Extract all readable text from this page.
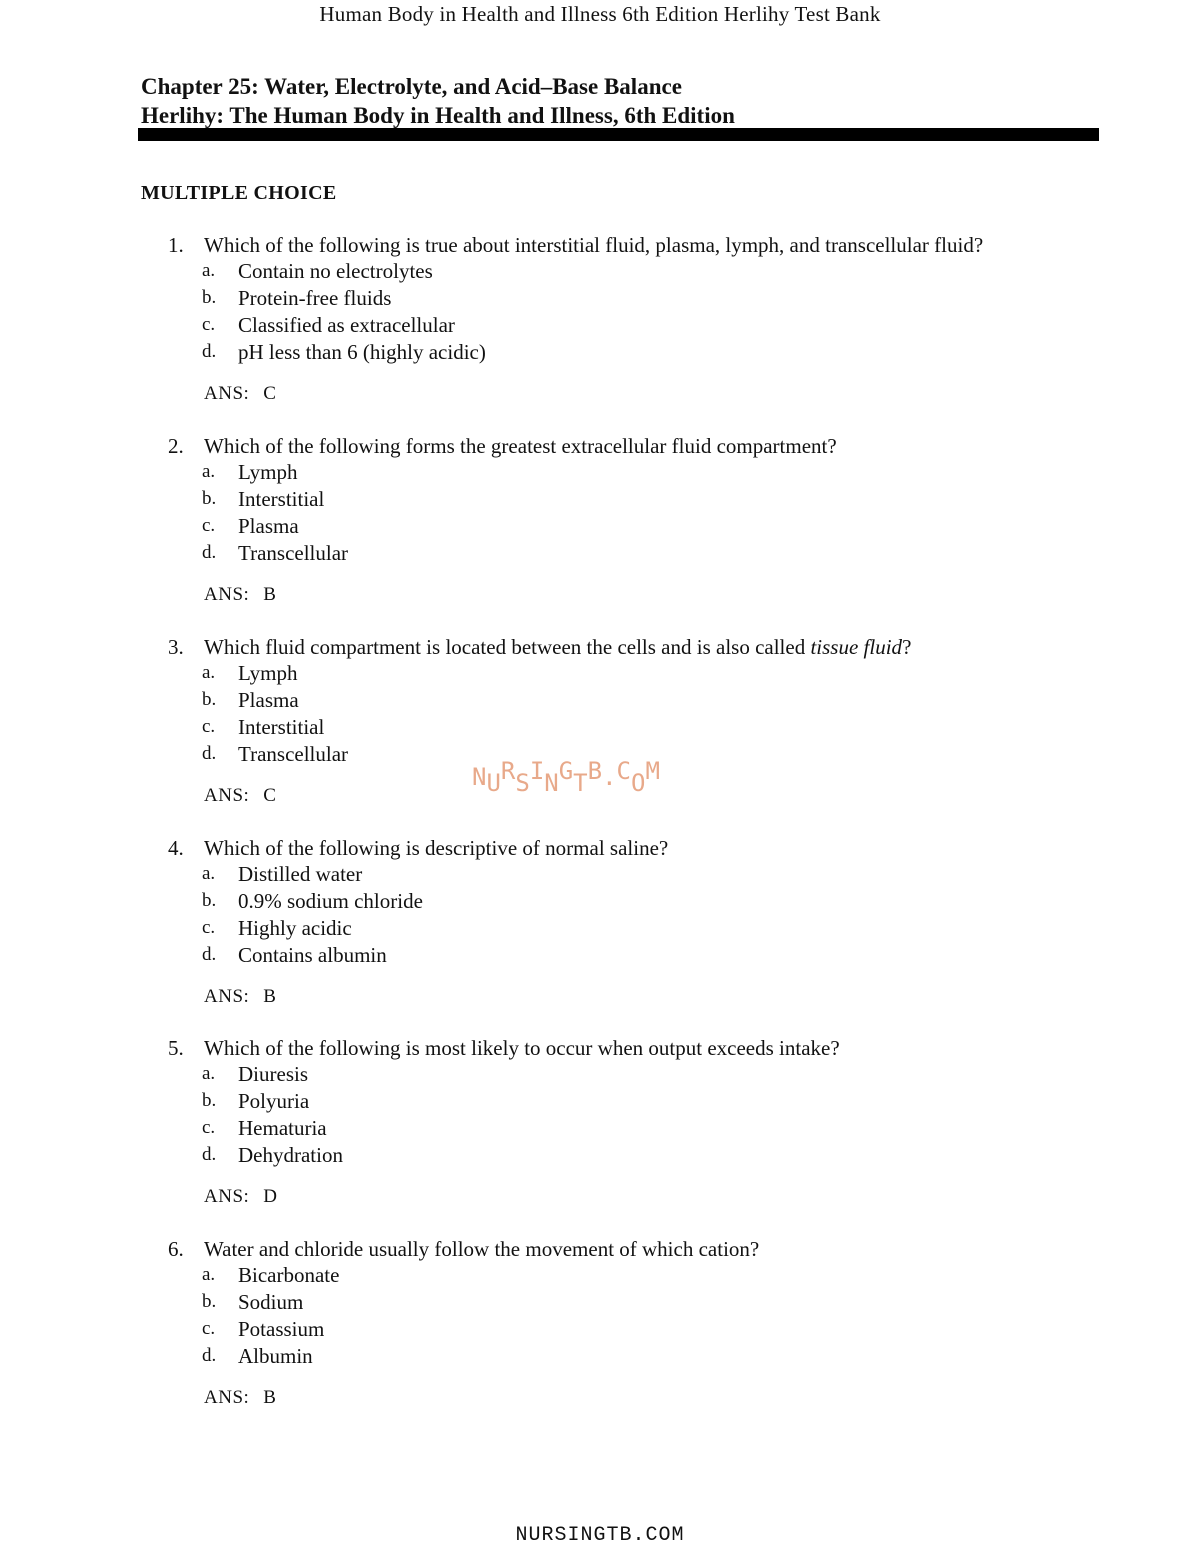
Human Body in Health and Illness 6th Edition Herlihy Test Bank
Chapter 25: Water, Electrolyte, and Acid–Base Balance
Herlihy: The Human Body in Health and Illness, 6th Edition
MULTIPLE CHOICE
1. Which of the following is true about interstitial fluid, plasma, lymph, and transcellular fluid?
a. Contain no electrolytes
b. Protein-free fluids
c. Classified as extracellular
d. pH less than 6 (highly acidic)
ANS: C
2. Which of the following forms the greatest extracellular fluid compartment?
a. Lymph
b. Interstitial
c. Plasma
d. Transcellular
ANS: B
3. Which fluid compartment is located between the cells and is also called tissue fluid?
a. Lymph
b. Plasma
c. Interstitial
d. Transcellular
ANS: C
4. Which of the following is descriptive of normal saline?
a. Distilled water
b. 0.9% sodium chloride
c. Highly acidic
d. Contains albumin
ANS: B
5. Which of the following is most likely to occur when output exceeds intake?
a. Diuresis
b. Polyuria
c. Hematuria
d. Dehydration
ANS: D
6. Water and chloride usually follow the movement of which cation?
a. Bicarbonate
b. Sodium
c. Potassium
d. Albumin
ANS: B
NURSINGTB.COM
NURSINGTB.COM
